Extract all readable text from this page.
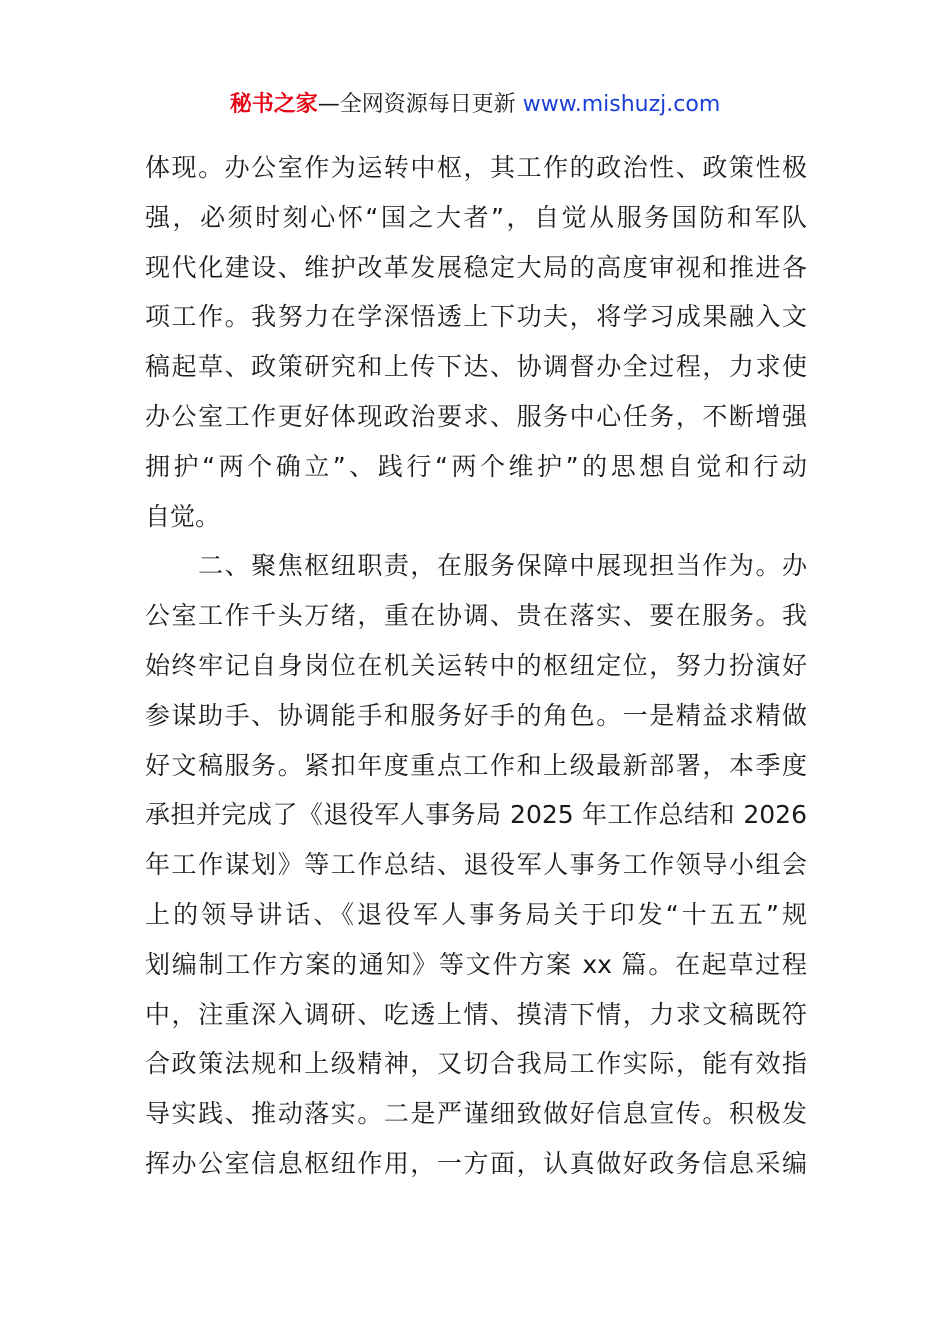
秘书之家—全网资源每日更新 www.mishuzj.com
体现。办公室作为运转中枢，其工作的政治性、政策性极
强，必须时刻心怀“国之大者”，自觉从服务国防和军队
现代化建设、维护改革发展稳定大局的高度审视和推进各
项工作。我努力在学深悟透上下功夫，将学习成果融入文
稿起草、政策研究和上传下达、协调督办全过程，力求使
办公室工作更好体现政治要求、服务中心任务，不断增强
拥护“两个确立”、践行“两个维护”的思想自觉和行动
自觉。
　　二、聚焦枢纽职责，在服务保障中展现担当作为。办
公室工作千头万绪，重在协调、贵在落实、要在服务。我
始终牢记自身岗位在机关运转中的枢纽定位，努力扮演好
参谋助手、协调能手和服务好手的角色。一是精益求精做
好文稿服务。紧扣年度重点工作和上级最新部署，本季度
承担并完成了《退役军人事务局 2025 年工作总结和 2026
年工作谋划》等工作总结、退役军人事务工作领导小组会
上的领导讲话、《退役军人事务局关于印发“十五五”规
划编制工作方案的通知》等文件方案 xx 篇。在起草过程
中，注重深入调研、吃透上情、摸清下情，力求文稿既符
合政策法规和上级精神，又切合我局工作实际，能有效指
导实践、推动落实。二是严谨细致做好信息宣传。积极发
挥办公室信息枢纽作用，一方面，认真做好政务信息采编
